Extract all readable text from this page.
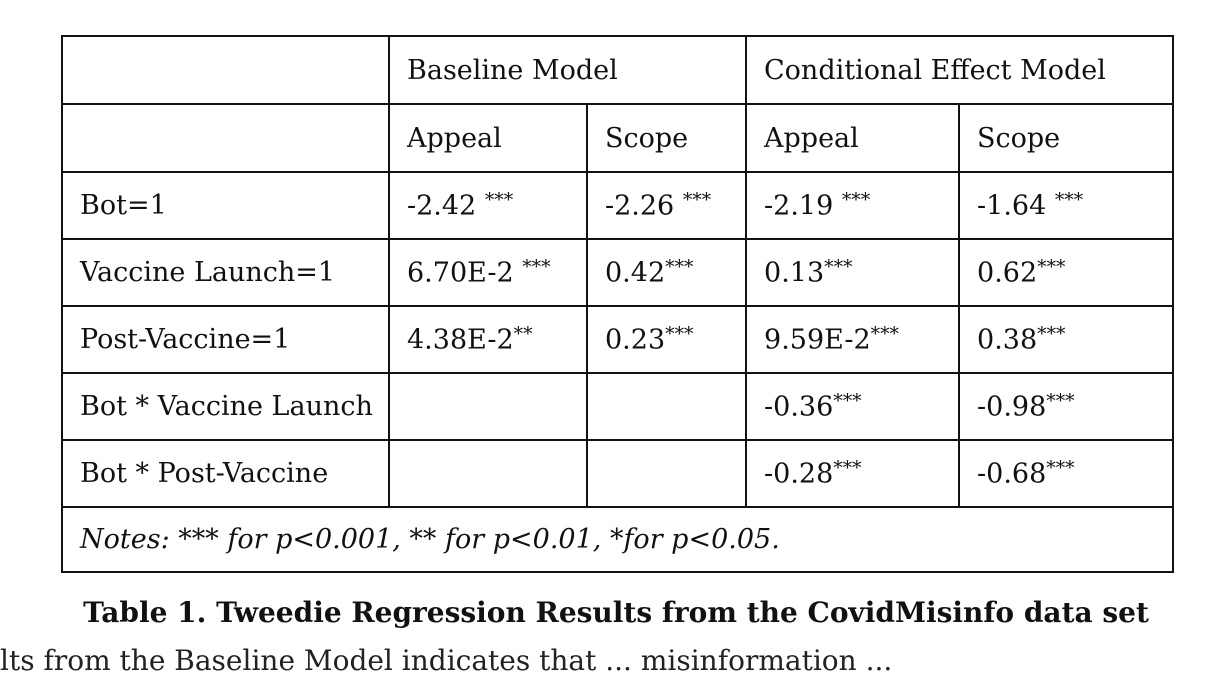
	Baseline Model		Conditional Effect Model	
	Appeal	Scope	Appeal	Scope
Bot=1	-2.42 ***	-2.26 ***	-2.19 ***	-1.64 ***
Vaccine Launch=1	6.70E-2 ***	0.42***	0.13***	0.62***
Post-Vaccine=1	4.38E-2**	0.23***	9.59E-2***	0.38***
Bot * Vaccine Launch			-0.36***	-0.98***
Bot * Post-Vaccine			-0.28***	-0.68***
Notes: *** for p<0.001, ** for p<0.01, *for p<0.05.				
Table 1. Tweedie Regression Results from the CovidMisinfo data set
lts from the Baseline Model indicates that ... misinformation ...
